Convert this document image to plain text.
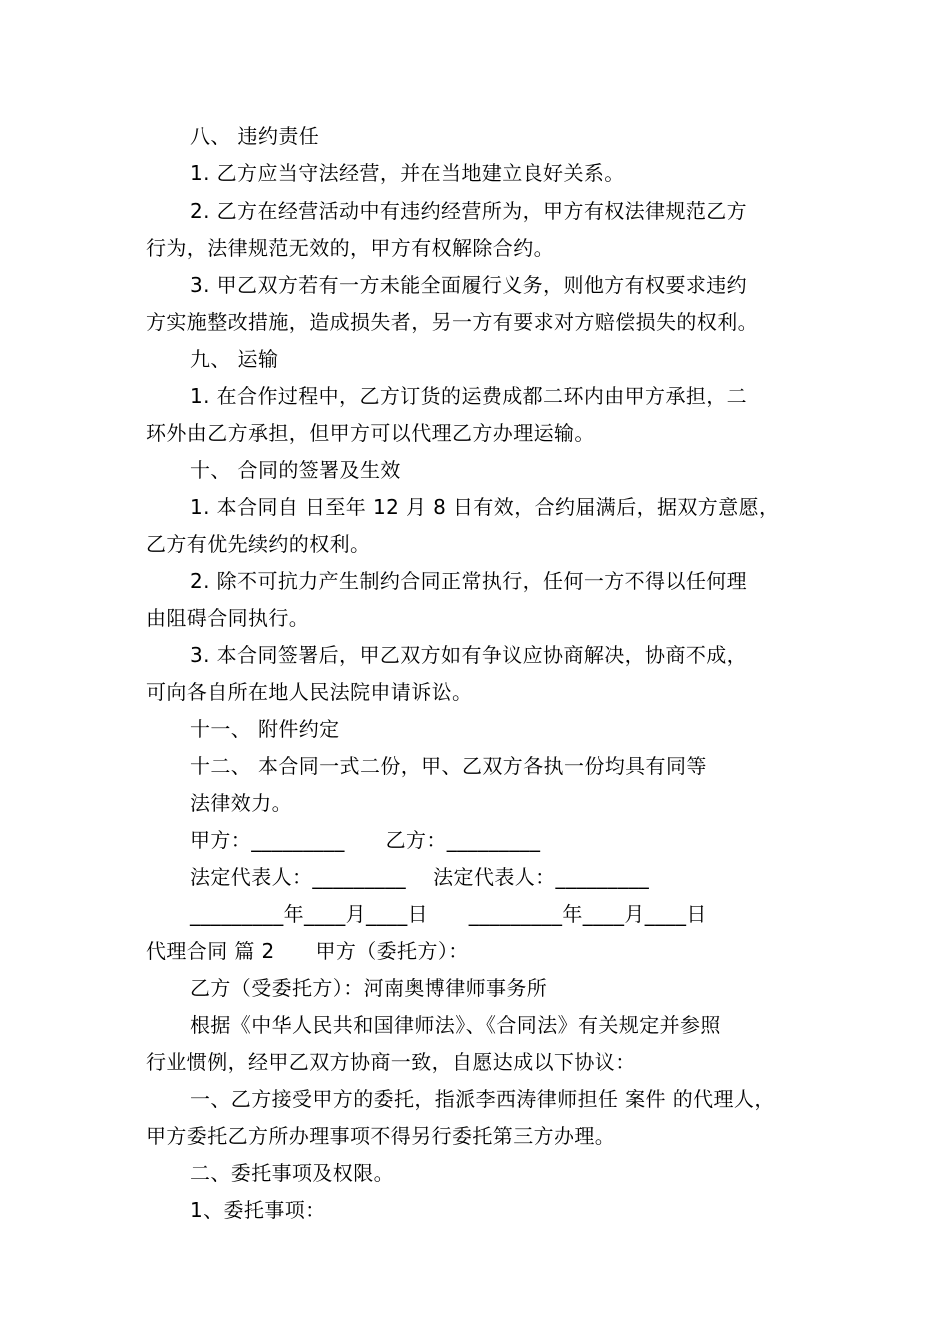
八、 违约责任
1. 乙方应当守法经营，并在当地建立良好关系。
2. 乙方在经营活动中有违约经营所为，甲方有权法律规范乙方
行为，法律规范无效的，甲方有权解除合约。
3. 甲乙双方若有一方未能全面履行义务，则他方有权要求违约
方实施整改措施，造成损失者，另一方有要求对方赔偿损失的权利。
九、 运输
1. 在合作过程中，乙方订货的运费成都二环内由甲方承担，二
环外由乙方承担，但甲方可以代理乙方办理运输。
十、 合同的签署及生效
1. 本合同自 日至年 12 月 8 日有效，合约届满后，据双方意愿，
乙方有优先续约的权利。
2. 除不可抗力产生制约合同正常执行，任何一方不得以任何理
由阻碍合同执行。
3. 本合同签署后，甲乙双方如有争议应协商解决，协商不成，
可向各自所在地人民法院申请诉讼。
十一、 附件约定
十二、 本合同一式二份，甲、乙双方各执一份均具有同等
法律效力。
甲方：_________　　乙方：_________
法定代表人：_________　 法定代表人：_________
_________年____月____日　　_________年____月____日
代理合同 篇 2　　甲方（委托方）：
乙方（受委托方）：河南奥博律师事务所
根据《中华人民共和国律师法》、《合同法》有关规定并参照
行业惯例，经甲乙双方协商一致，自愿达成以下协议：
一、乙方接受甲方的委托，指派李西涛律师担任 案件 的代理人，
甲方委托乙方所办理事项不得另行委托第三方办理。
二、委托事项及权限。
1、委托事项：
